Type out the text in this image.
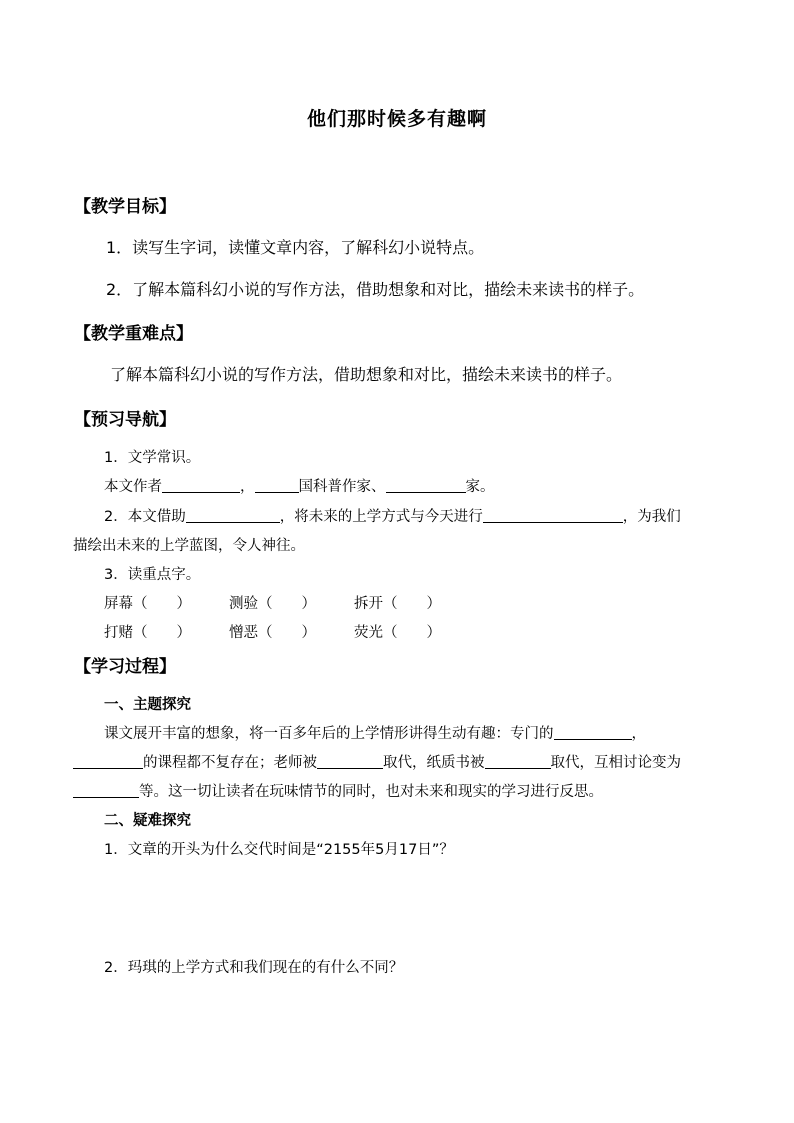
他们那时候多有趣啊
【教学目标】
1．读写生字词，读懂文章内容，了解科幻小说特点。
2．了解本篇科幻小说的写作方法，借助想象和对比，描绘未来读书的样子。
【教学重难点】
了解本篇科幻小说的写作方法，借助想象和对比，描绘未来读书的样子。
【预习导航】
1．文学常识。
本文作者	，	国科普作家、	家。
2．本文借助	，将未来的上学方式与今天进行	，为我们
描绘出未来的上学蓝图，令人神往。
3．读重点字。
屏幕（　　）	测验（　　）	拆开（　　）
打赌（　　）	憎恶（　　）	荧光（　　）
【学习过程】
一、主题探究
课文展开丰富的想象，将一百多年后的上学情形讲得生动有趣：专门的	，
的课程都不复存在；老师被	取代，纸质书被	取代，互相讨论变为
等。这一切让读者在玩味情节的同时，也对未来和现实的学习进行反思。
二、疑难探究
1．文章的开头为什么交代时间是“2155年5月17日”？
2．玛琪的上学方式和我们现在的有什么不同？
